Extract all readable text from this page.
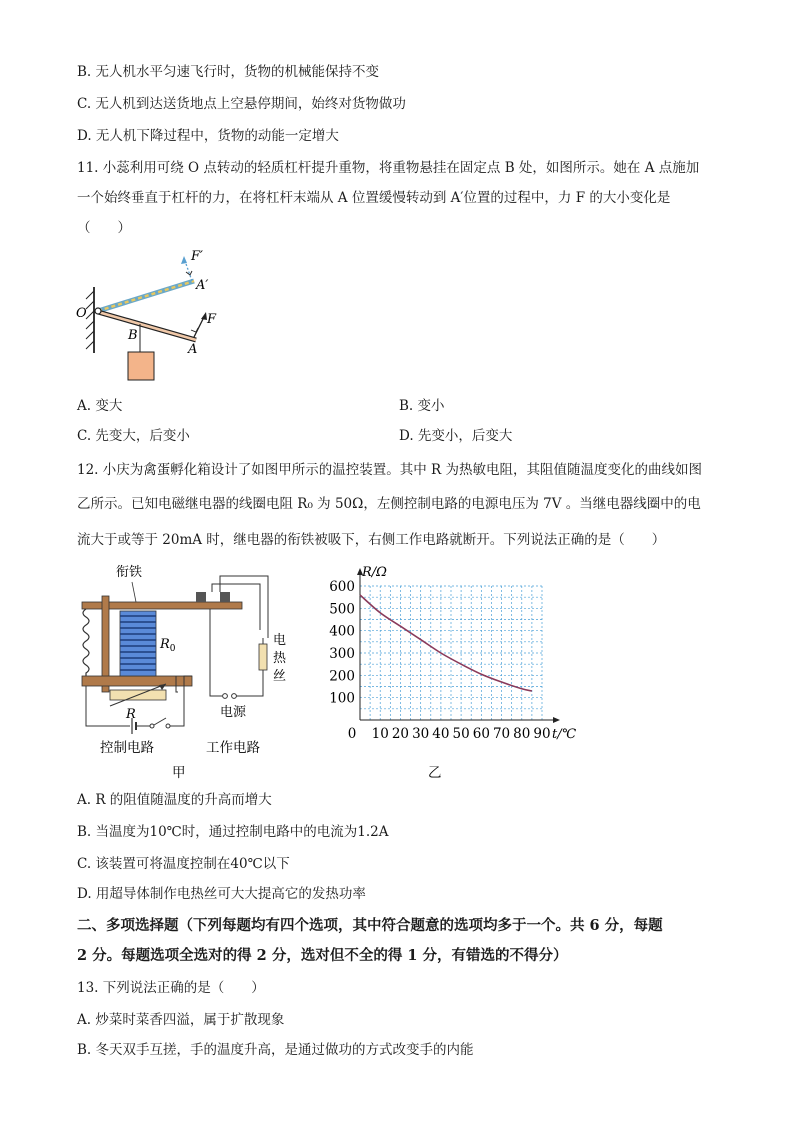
B. 无人机水平匀速飞行时，货物的机械能保持不变
C. 无人机到达送货地点上空悬停期间，始终对货物做功
D. 无人机下降过程中，货物的动能一定增大
11. 小蕊利用可绕 O 点转动的轻质杠杆提升重物，将重物悬挂在固定点 B 处，如图所示。她在 A 点施加
一个始终垂直于杠杆的力，在将杠杆末端从 A 位置缓慢转动到 A′位置的过程中，力 F 的大小变化是
（　　）
O
B
A
A′
F
F′
A. 变大	B. 变小
C. 先变大，后变小	D. 先变小，后变大
12. 小庆为禽蛋孵化箱设计了如图甲所示的温控装置。其中 R 为热敏电阻，其阻值随温度变化的曲线如图
乙所示。已知电磁继电器的线圈电阻 R₀ 为 50Ω，左侧控制电路的电源电压为 7V 。当继电器线圈中的电
流大于或等于 20mA 时，继电器的衔铁被吸下，右侧工作电路就断开。下列说法正确的是（　　）
衔铁
$R_0$
R
电
热
丝
电源
控制电路	工作电路
甲
0 10 20 30 40 50 60 70 80 90
100
200
300
400
500
600
R/Ω
t/℃
乙
A. R 的阻值随温度的升高而增大
B. 当温度为10℃时，通过控制电路中的电流为1.2A
C. 该装置可将温度控制在40℃以下
D. 用超导体制作电热丝可大大提高它的发热功率
二、多项选择题（下列每题均有四个选项，其中符合题意的选项均多于一个。共 6 分，每题
2 分。每题选项全选对的得 2 分，选对但不全的得 1 分，有错选的不得分）
13. 下列说法正确的是（　　）
A. 炒菜时菜香四溢，属于扩散现象
B. 冬天双手互搓，手的温度升高，是通过做功的方式改变手的内能
